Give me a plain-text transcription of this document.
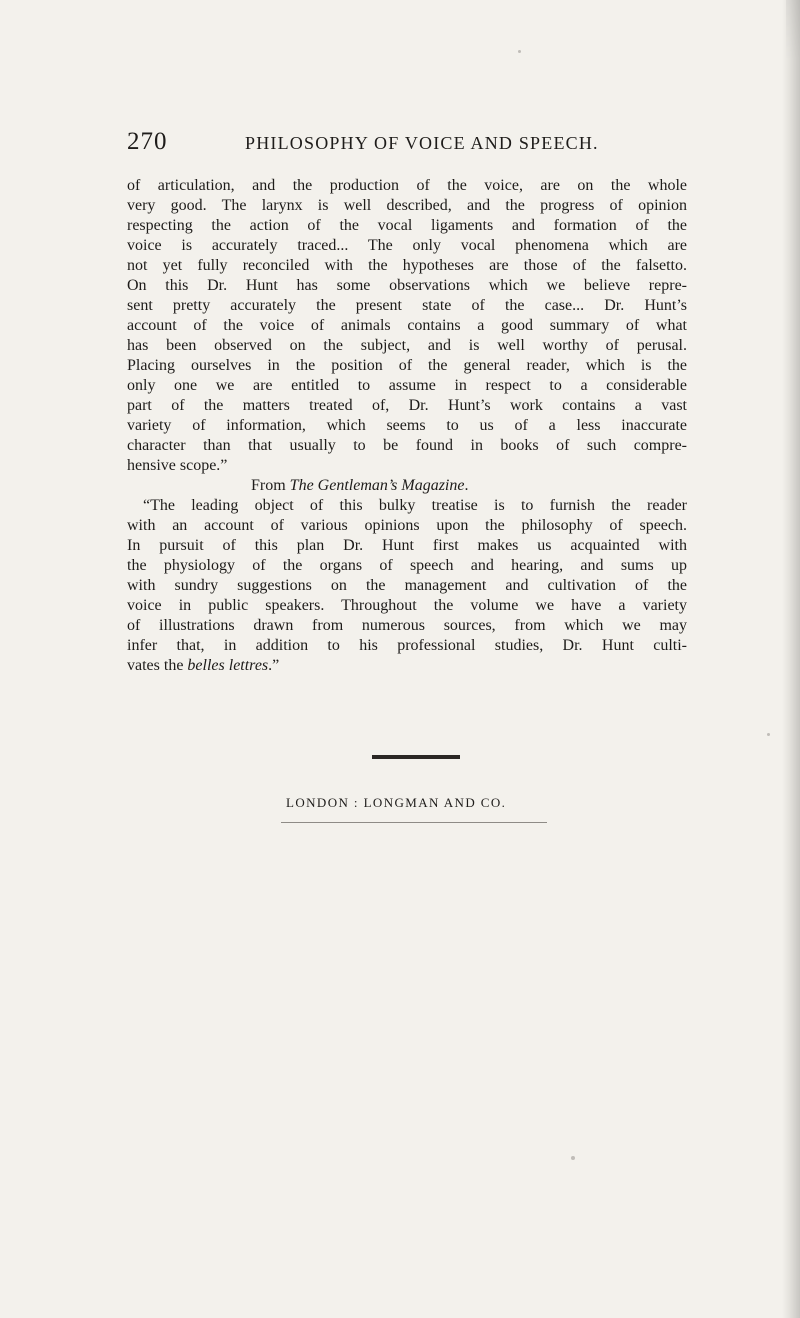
270	PHILOSOPHY OF VOICE AND SPEECH.
of articulation, and the production of the voice, are on the whole
very good. The larynx is well described, and the progress of opinion
respecting the action of the vocal ligaments and formation of the
voice is accurately traced... The only vocal phenomena which are
not yet fully reconciled with the hypotheses are those of the falsetto.
On this Dr. Hunt has some observations which we believe repre-
sent pretty accurately the present state of the case... Dr. Hunt’s
account of the voice of animals contains a good summary of what
has been observed on the subject, and is well worthy of perusal.
Placing ourselves in the position of the general reader, which is the
only one we are entitled to assume in respect to a considerable
part of the matters treated of, Dr. Hunt’s work contains a vast
variety of information, which seems to us of a less inaccurate
character than that usually to be found in books of such compre-
hensive scope.”
From The Gentleman’s Magazine.
“The leading object of this bulky treatise is to furnish the reader
with an account of various opinions upon the philosophy of speech.
In pursuit of this plan Dr. Hunt first makes us acquainted with
the physiology of the organs of speech and hearing, and sums up
with sundry suggestions on the management and cultivation of the
voice in public speakers. Throughout the volume we have a variety
of illustrations drawn from numerous sources, from which we may
infer that, in addition to his professional studies, Dr. Hunt culti-
vates the belles lettres.”
LONDON : LONGMAN AND CO.
